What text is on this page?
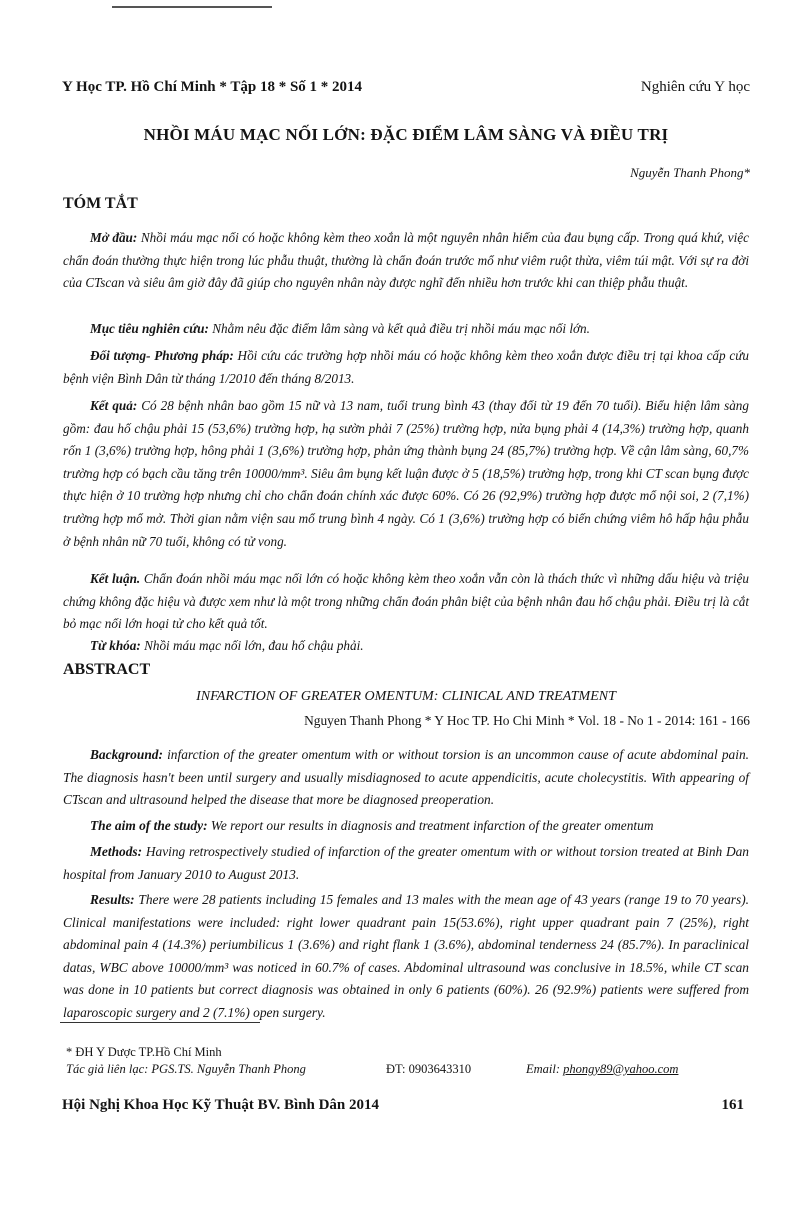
Y Học TP. Hồ Chí Minh * Tập 18 * Số 1 * 2014	Nghiên cứu Y học
NHỒI MÁU MẠC NỐI LỚN: ĐẶC ĐIỂM LÂM SÀNG VÀ ĐIỀU TRỊ
Nguyễn Thanh Phong*
TÓM TẮT
Mở đầu: Nhồi máu mạc nối có hoặc không kèm theo xoắn là một nguyên nhân hiếm của đau bụng cấp. Trong quá khứ, việc chẩn đoán thường thực hiện trong lúc phẫu thuật, thường là chẩn đoán trước mổ như viêm ruột thừa, viêm túi mật. Với sự ra đời của CTscan và siêu âm giờ đây đã giúp cho nguyên nhân này được nghĩ đến nhiều hơn trước khi can thiệp phẫu thuật.
Mục tiêu nghiên cứu: Nhằm nêu đặc điểm lâm sàng và kết quả điều trị nhồi máu mạc nối lớn.
Đối tượng- Phương pháp: Hồi cứu các trường hợp nhồi máu có hoặc không kèm theo xoắn được điều trị tại khoa cấp cứu bệnh viện Bình Dân từ tháng 1/2010 đến tháng 8/2013.
Kết quả: Có 28 bệnh nhân bao gồm 15 nữ và 13 nam, tuổi trung bình 43 (thay đổi từ 19 đến 70 tuổi). Biểu hiện lâm sàng gồm: đau hố chậu phải 15 (53,6%) trường hợp, hạ sườn phải 7 (25%) trường hợp, nửa bụng phải 4 (14,3%) trường hợp, quanh rốn 1 (3,6%) trường hợp, hông phải 1 (3,6%) trường hợp, phản ứng thành bụng 24 (85,7%) trường hợp. Về cận lâm sàng, 60,7% trường hợp có bạch cầu tăng trên 10000/mm³. Siêu âm bụng kết luận được ở 5 (18,5%) trường hợp, trong khi CT scan bụng được thực hiện ở 10 trường hợp nhưng chỉ cho chẩn đoán chính xác được 60%. Có 26 (92,9%) trường hợp được mổ nội soi, 2 (7,1%) trường hợp mổ mở. Thời gian nằm viện sau mổ trung bình 4 ngày. Có 1 (3,6%) trường hợp có biến chứng viêm hô hấp hậu phẫu ở bệnh nhân nữ 70 tuổi, không có tử vong.
Kết luận. Chẩn đoán nhồi máu mạc nối lớn có hoặc không kèm theo xoắn vẫn còn là thách thức vì những dấu hiệu và triệu chứng không đặc hiệu và được xem như là một trong những chẩn đoán phân biệt của bệnh nhân đau hố chậu phải. Điều trị là cắt bỏ mạc nối lớn hoại tử cho kết quả tốt.
Từ khóa: Nhồi máu mạc nối lớn, đau hố chậu phải.
ABSTRACT
INFARCTION OF GREATER OMENTUM: CLINICAL AND TREATMENT
Nguyen Thanh Phong * Y Hoc TP. Ho Chi Minh * Vol. 18 - No 1 - 2014: 161 - 166
Background: infarction of the greater omentum with or without torsion is an uncommon cause of acute abdominal pain. The diagnosis hasn't been until surgery and usually misdiagnosed to acute appendicitis, acute cholecystitis. With appearing of CTscan and ultrasound helped the disease that more be diagnosed preoperation.
The aim of the study: We report our results in diagnosis and treatment infarction of the greater omentum
Methods: Having retrospectively studied of infarction of the greater omentum with or without torsion treated at Binh Dan hospital from January 2010 to August 2013.
Results: There were 28 patients including 15 females and 13 males with the mean age of 43 years (range 19 to 70 years). Clinical manifestations were included: right lower quadrant pain 15(53.6%), right upper quadrant pain 7 (25%), right abdominal pain 4 (14.3%) periumbilicus 1 (3.6%) and right flank 1 (3.6%), abdominal tenderness 24 (85.7%). In paraclinical datas, WBC above 10000/mm³ was noticed in 60.7% of cases. Abdominal ultrasound was conclusive in 18.5%, while CT scan was done in 10 patients but correct diagnosis was obtained in only 6 patients (60%). 26 (92.9%) patients were suffered from laparoscopic surgery and 2 (7.1%) open surgery.
* ĐH Y Dược TP.Hồ Chí Minh
Tác giả liên lạc: PGS.TS. Nguyễn Thanh Phong	ĐT: 0903643310	Email: phongy89@yahoo.com
Hội Nghị Khoa Học Kỹ Thuật BV. Bình Dân 2014	161
